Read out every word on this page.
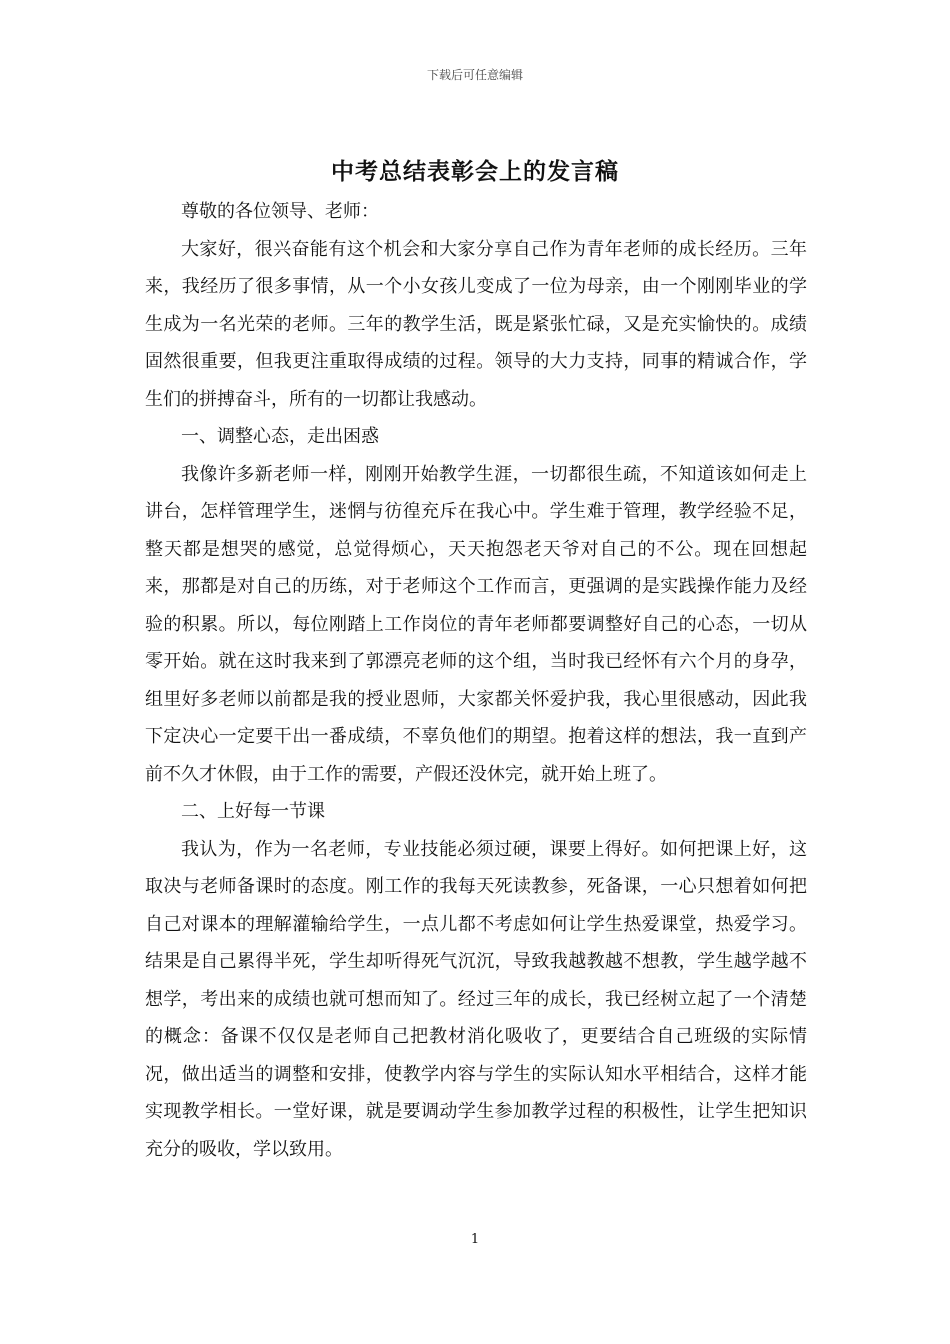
下载后可任意编辑
中考总结表彰会上的发言稿

尊敬的各位领导、老师：

大家好，很兴奋能有这个机会和大家分享自己作为青年老师的成长经历。三年来，我经历了很多事情，从一个小女孩儿变成了一位为母亲，由一个刚刚毕业的学生成为一名光荣的老师。三年的教学生活，既是紧张忙碌，又是充实愉快的。成绩固然很重要，但我更注重取得成绩的过程。领导的大力支持，同事的精诚合作，学生们的拼搏奋斗，所有的一切都让我感动。

一、调整心态，走出困惑

我像许多新老师一样，刚刚开始教学生涯，一切都很生疏，不知道该如何走上讲台，怎样管理学生，迷惘与彷徨充斥在我心中。学生难于管理，教学经验不足，整天都是想哭的感觉，总觉得烦心，天天抱怨老天爷对自己的不公。现在回想起来，那都是对自己的历练，对于老师这个工作而言，更强调的是实践操作能力及经验的积累。所以，每位刚踏上工作岗位的青年老师都要调整好自己的心态，一切从零开始。就在这时我来到了郭漂亮老师的这个组，当时我已经怀有六个月的身孕，组里好多老师以前都是我的授业恩师，大家都关怀爱护我，我心里很感动，因此我下定决心一定要干出一番成绩，不辜负他们的期望。抱着这样的想法，我一直到产前不久才休假，由于工作的需要，产假还没休完，就开始上班了。

二、上好每一节课

我认为，作为一名老师，专业技能必须过硬，课要上得好。如何把课上好，这取决与老师备课时的态度。刚工作的我每天死读教参，死备课，一心只想着如何把自己对课本的理解灌输给学生，一点儿都不考虑如何让学生热爱课堂，热爱学习。结果是自己累得半死，学生却听得死气沉沉，导致我越教越不想教，学生越学越不想学，考出来的成绩也就可想而知了。经过三年的成长，我已经树立起了一个清楚的概念：备课不仅仅是老师自己把教材消化吸收了，更要结合自己班级的实际情况，做出适当的调整和安排，使教学内容与学生的实际认知水平相结合，这样才能实现教学相长。一堂好课，就是要调动学生参加教学过程的积极性，让学生把知识充分的吸收，学以致用。

1
